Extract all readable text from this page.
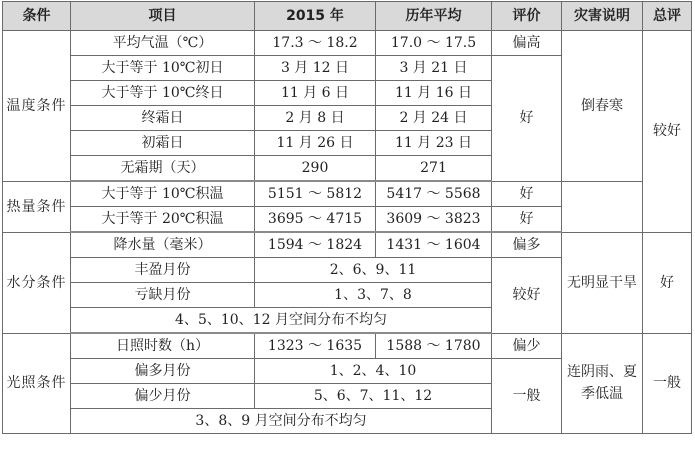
条件	项目	2015 年	历年平均	评价	灾害说明	总评
温度条件	平均气温（℃）	17.3 ～ 18.2	17.0 ～ 17.5	偏高	倒春寒	较好
	大于等于 10℃初日	3 月 12 日	3 月 21 日	好		
	大于等于 10℃终日	11 月 6 日	11 月 16 日			
	终霜日	2 月 8 日	2 月 24 日			
	初霜日	11 月 26 日	11 月 23 日			
	无霜期（天）	290	271			
热量条件	大于等于 10℃积温	5151 ～ 5812	5417 ～ 5568	好		
	大于等于 20℃积温	3695 ～ 4715	3609 ～ 3823	好		
水分条件	降水量（毫米）	1594 ～ 1824	1431 ～ 1604	偏多	无明显干旱	好
	丰盈月份	2、6、9、11		较好		
	亏缺月份	1、3、7、8				
	4、5、10、12 月空间分布不均匀					
光照条件	日照时数（h）	1323 ～ 1635	1588 ～ 1780	偏少	连阴雨、夏季低温	一般
	偏多月份	1、2、4、10		一般		
	偏少月份	5、6、7、11、12				
	3、8、9 月空间分布不均匀					
